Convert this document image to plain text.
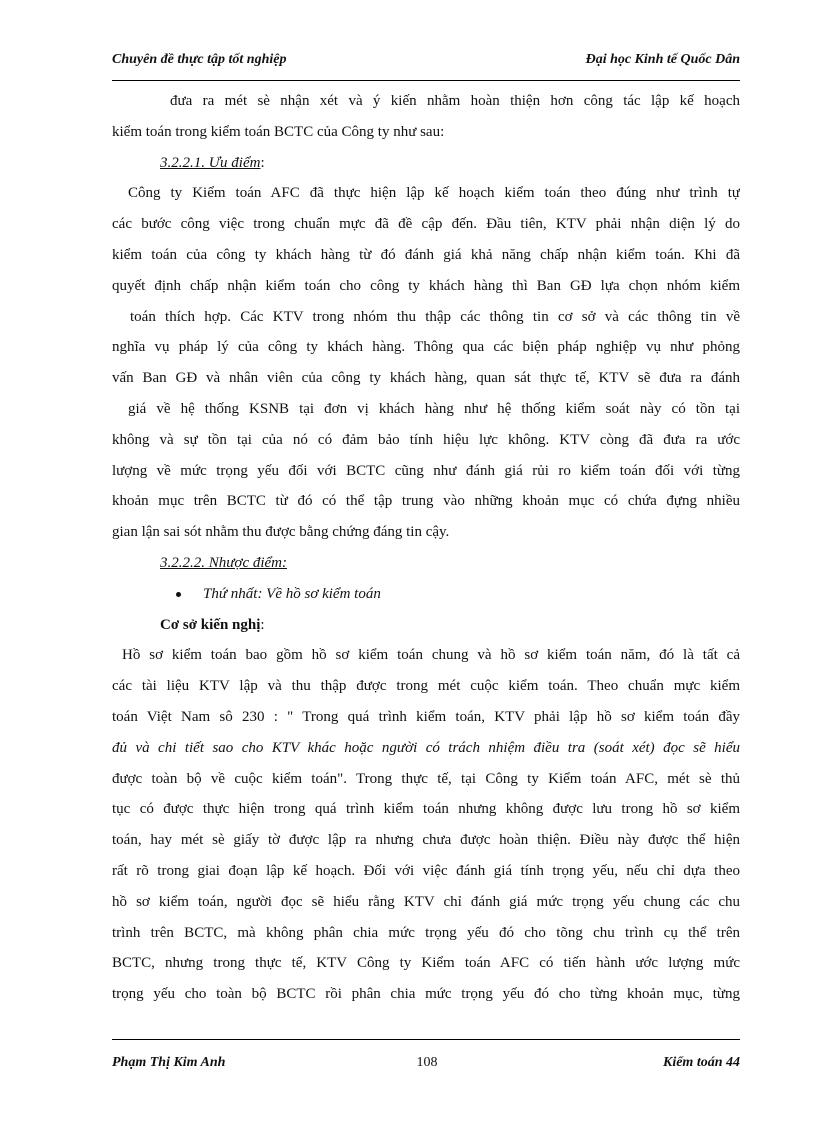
Chuyên đề thực tập tốt nghiệp	Đại học Kinh tế Quốc Dân
đưa ra mét sè nhận xét và ý kiến nhằm hoàn thiện hơn công tác lập kế hoạch
kiểm toán trong kiểm toán BCTC của Công ty như sau:
3.2.2.1. Ưu điểm:
Công ty Kiểm toán AFC đã thực hiện lập kế hoạch kiểm toán theo đúng như trình tự
các bước công việc trong chuẩn mực đã đề cập đến. Đầu tiên, KTV phải nhận diện lý do
kiểm toán của công ty khách hàng từ đó đánh giá khả năng chấp nhận kiểm toán. Khi đã
quyết định chấp nhận kiểm toán cho công ty khách hàng thì Ban GĐ lựa chọn nhóm kiểm
toán thích hợp. Các KTV trong nhóm thu thập các thông tin cơ sở và các thông tin về
nghĩa vụ pháp lý của công ty khách hàng. Thông qua các biện pháp nghiệp vụ như phỏng
vấn Ban GĐ và nhân viên của công ty khách hàng, quan sát thực tế, KTV sẽ đưa ra đánh
giá về hệ thống KSNB tại đơn vị khách hàng như hệ thống kiểm soát này có tồn tại
không và sự tồn tại của nó có đảm bảo tính hiệu lực không. KTV còng đã đưa ra ước
lượng về mức trọng yếu đối với BCTC cũng như đánh giá rủi ro kiểm toán đối với từng
khoản mục trên BCTC từ đó có thể tập trung vào những khoản mục có chứa đựng nhiều
gian lận sai sót nhằm thu được bằng chứng đáng tin cậy.
3.2.2.2. Nhược điểm:
Thứ nhất: Về hồ sơ kiểm toán
Cơ sở kiến nghị:
Hồ sơ kiểm toán bao gồm hồ sơ kiểm toán chung và hồ sơ kiểm toán năm, đó là tất cả
các tài liệu KTV lập và thu thập được trong mét cuộc kiểm toán. Theo chuẩn mực kiểm
toán Việt Nam sô 230 : " Trong quá trình kiểm toán, KTV phải lập hồ sơ kiểm toán đầy
đủ và chi tiết sao cho KTV khác hoặc người có trách nhiệm điều tra (soát xét) đọc sẽ hiểu
được toàn bộ về cuộc kiểm toán". Trong thực tế, tại Công ty Kiểm toán AFC, mét sè thủ
tục có được thực hiện trong quá trình kiểm toán nhưng không được lưu trong hồ sơ kiểm
toán, hay mét sè giấy tờ được lập ra nhưng chưa được hoàn thiện. Điều này được thể hiện
rất rõ trong giai đoạn lập kế hoạch. Đối với việc đánh giá tính trọng yếu, nếu chỉ dựa theo
hồ sơ kiểm toán, người đọc sẽ hiểu rằng KTV chỉ đánh giá mức trọng yếu chung các chu
trình trên BCTC, mà không phân chia mức trọng yếu đó cho tõng chu trình cụ thể trên
BCTC, nhưng trong thực tế, KTV Công ty Kiểm toán AFC có tiến hành ước lượng mức
trọng yếu cho toàn bộ BCTC rồi phân chia mức trọng yếu đó cho từng khoản mục, từng
Phạm Thị Kim Anh	108	Kiểm toán 44
